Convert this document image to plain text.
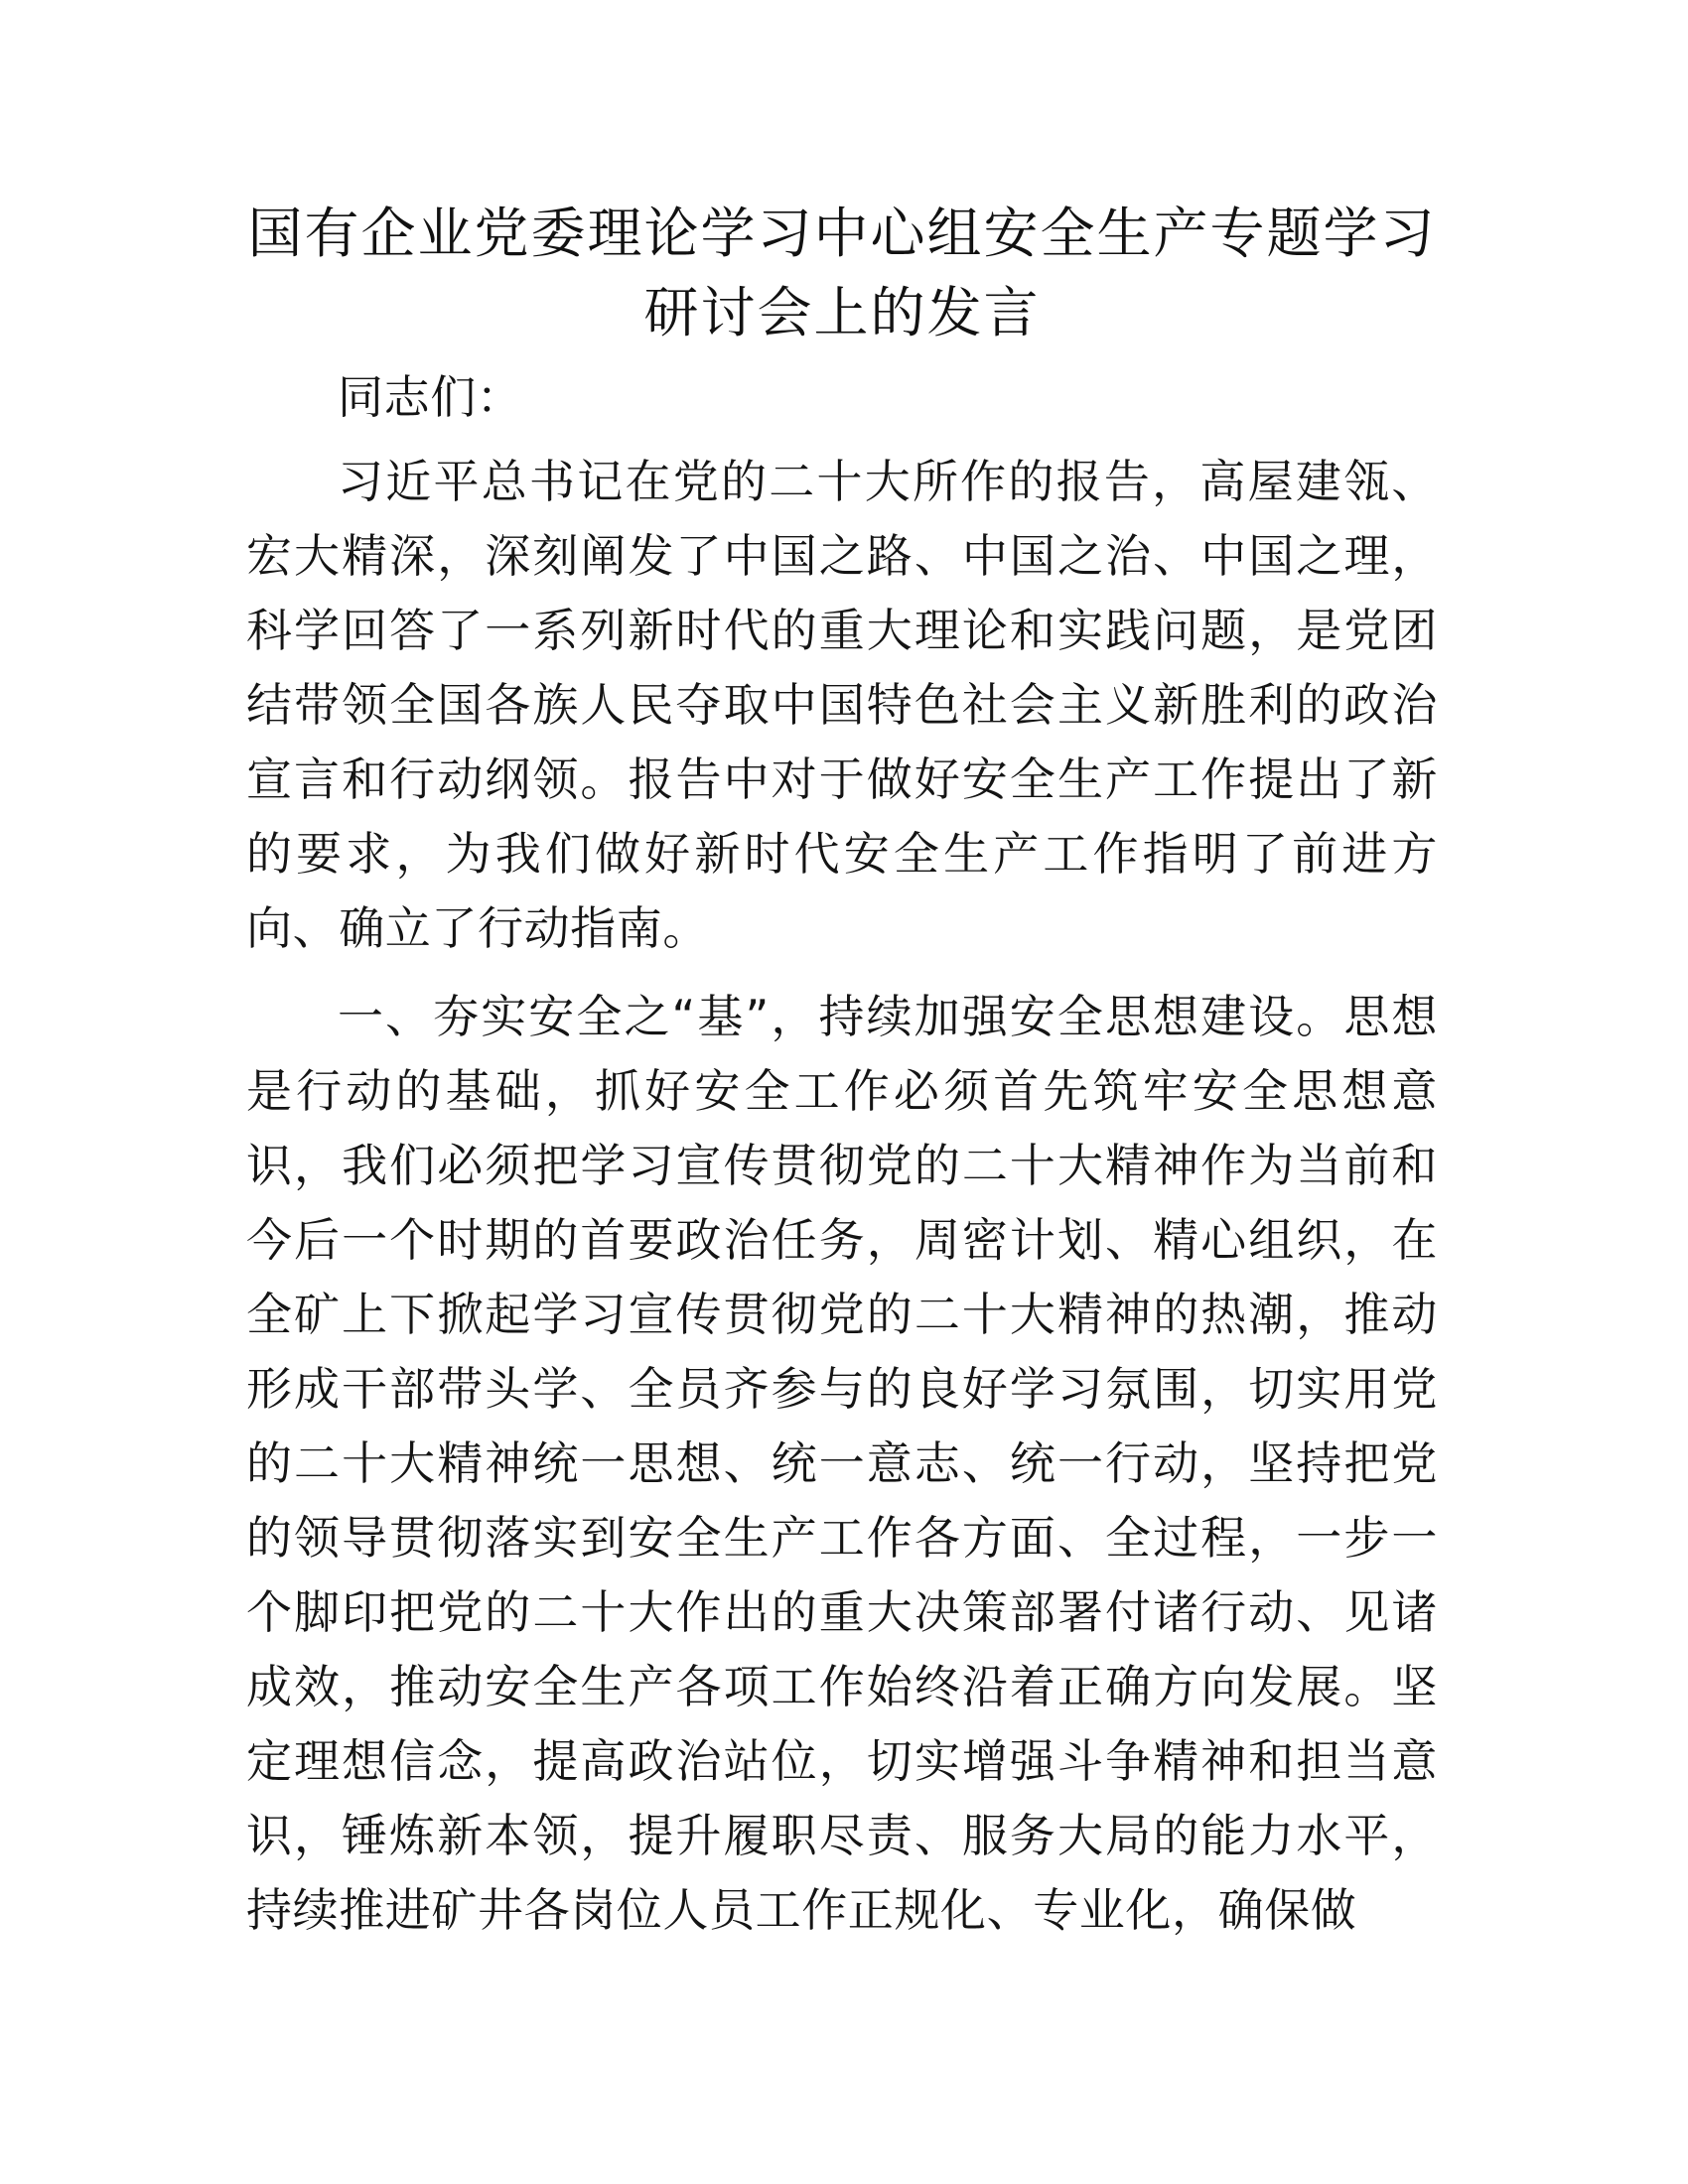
国有企业党委理论学习中心组安全生产专题学习研讨会上的发言

同志们：

习近平总书记在党的二十大所作的报告，高屋建瓴、宏大精深，深刻阐发了中国之路、中国之治、中国之理，科学回答了一系列新时代的重大理论和实践问题，是党团结带领全国各族人民夺取中国特色社会主义新胜利的政治宣言和行动纲领。报告中对于做好安全生产工作提出了新的要求，为我们做好新时代安全生产工作指明了前进方向、确立了行动指南。

一、夯实安全之“基”，持续加强安全思想建设。思想是行动的基础，抓好安全工作必须首先筑牢安全思想意识，我们必须把学习宣传贯彻党的二十大精神作为当前和今后一个时期的首要政治任务，周密计划、精心组织，在全矿上下掀起学习宣传贯彻党的二十大精神的热潮，推动形成干部带头学、全员齐参与的良好学习氛围，切实用党的二十大精神统一思想、统一意志、统一行动，坚持把党的领导贯彻落实到安全生产工作各方面、全过程，一步一个脚印把党的二十大作出的重大决策部署付诸行动、见诸成效，推动安全生产各项工作始终沿着正确方向发展。坚定理想信念，提高政治站位，切实增强斗争精神和担当意识，锤炼新本领，提升履职尽责、服务大局的能力水平，持续推进矿井各岗位人员工作正规化、专业化，确保做
